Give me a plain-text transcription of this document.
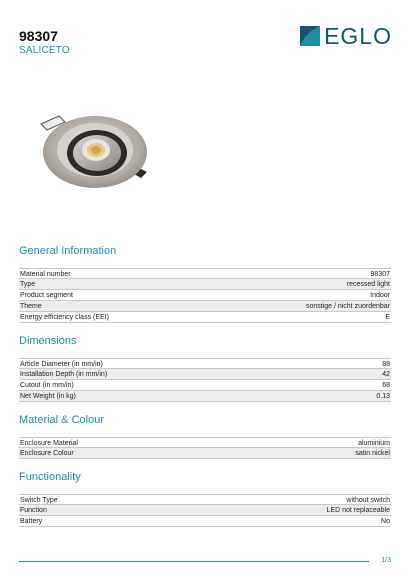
98307
SALICETO
EGLO
General Information
Material number	98307
Type	recessed light
Product segment	Indoor
Theme	sonstige / nicht zuordenbar
Energy efficiency class (EEI)	E
Dimensions
Article Diameter (in mm/in)	88
Installation Depth (in mm/in)	42
Cutout (in mm/in)	68
Net Weight (in kg)	0.13
Material & Colour
Enclosure Material	aluminium
Enclosure Colour	satin nickel
Functionality
Switch Type	without switch
Function	LED not replaceable
Battery	No
1/3
